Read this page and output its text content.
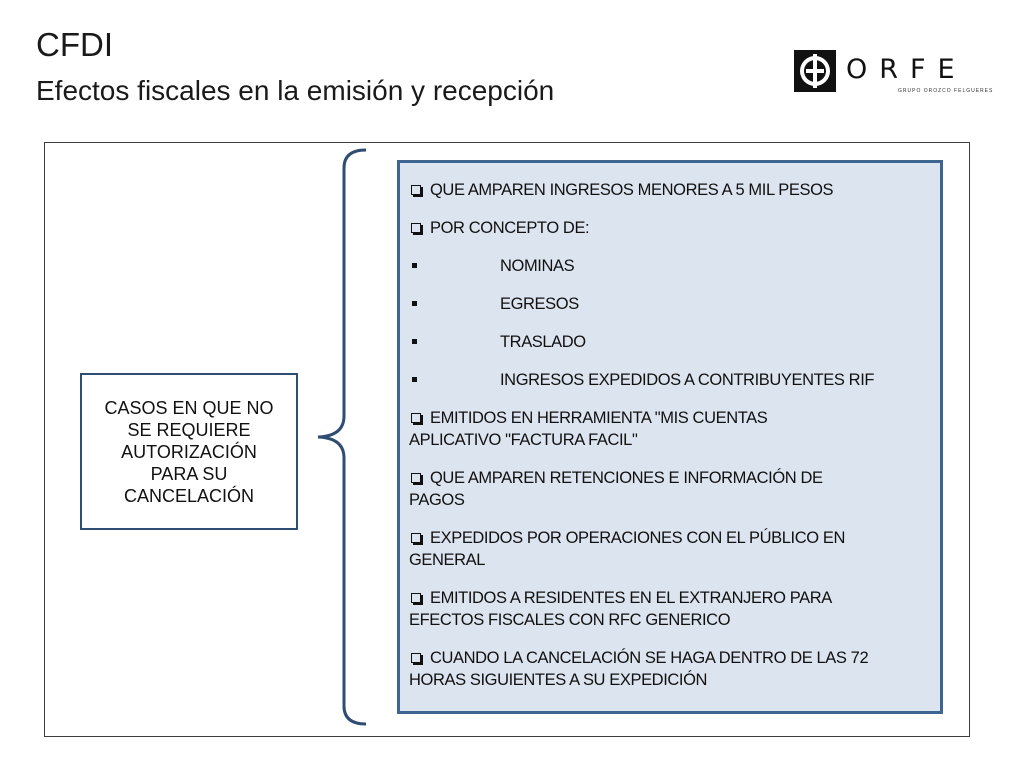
CFDI
Efectos fiscales en la emisión y recepción
ORFE
GRUPO OROZCO FELGUERES
CASOS EN QUE NO
SE REQUIERE
AUTORIZACIÓN
PARA SU
CANCELACIÓN
QUE AMPAREN INGRESOS MENORES A 5 MIL PESOS
POR CONCEPTO DE:
NOMINAS
EGRESOS
TRASLADO
INGRESOS EXPEDIDOS A CONTRIBUYENTES RIF
EMITIDOS EN HERRAMIENTA "MIS CUENTAS
APLICATIVO "FACTURA FACIL"
QUE AMPAREN RETENCIONES E INFORMACIÓN DE
PAGOS
EXPEDIDOS POR OPERACIONES CON EL PÚBLICO EN
GENERAL
EMITIDOS A RESIDENTES EN EL EXTRANJERO PARA
EFECTOS FISCALES CON RFC GENERICO
CUANDO LA CANCELACIÓN SE HAGA DENTRO DE LAS 72
HORAS SIGUIENTES A SU EXPEDICIÓN
